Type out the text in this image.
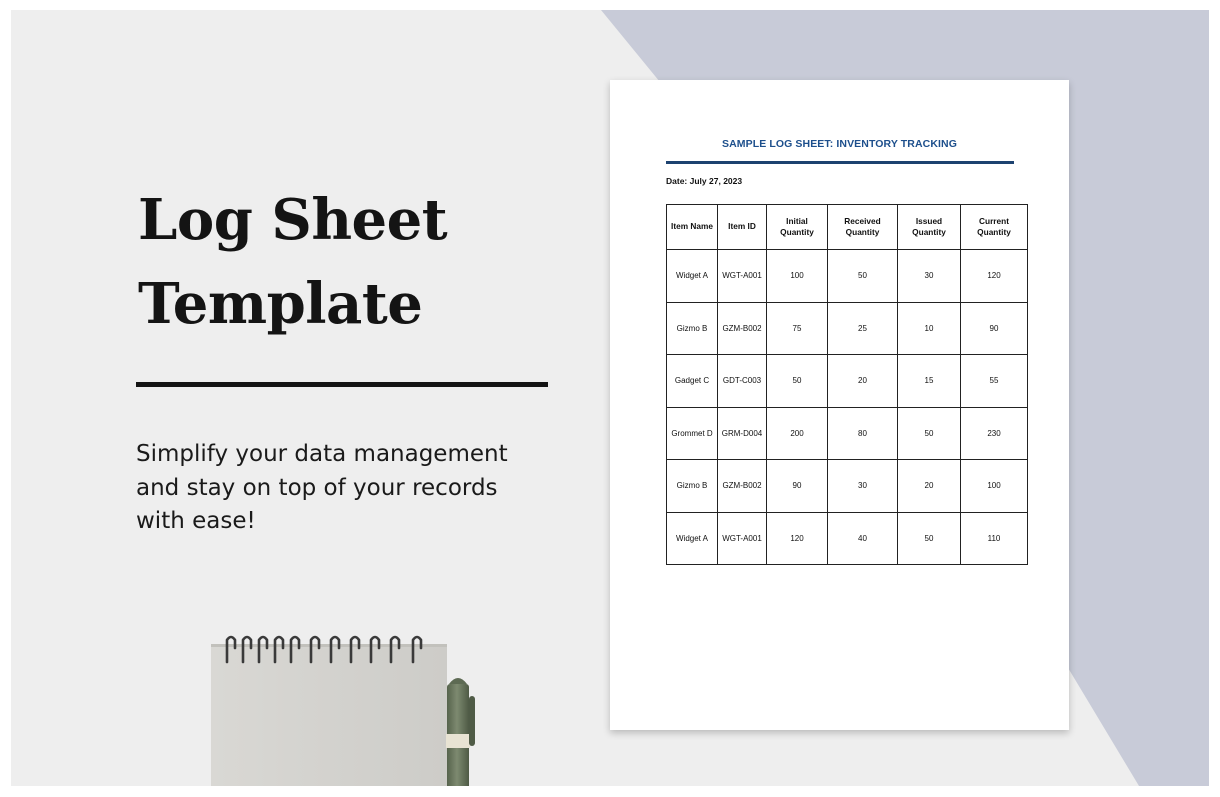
Log Sheet
Template

Simplify your data management
and stay on top of your records
with ease!

SAMPLE LOG SHEET: INVENTORY TRACKING
Date: July 27, 2023
Item Name	Item ID	Initial Quantity	Received Quantity	Issued Quantity	Current Quantity
Widget A	WGT-A001	100	50	30	120
Gizmo B	GZM-B002	75	25	10	90
Gadget C	GDT-C003	50	20	15	55
Grommet D	GRM-D004	200	80	50	230
Gizmo B	GZM-B002	90	30	20	100
Widget A	WGT-A001	120	40	50	110
